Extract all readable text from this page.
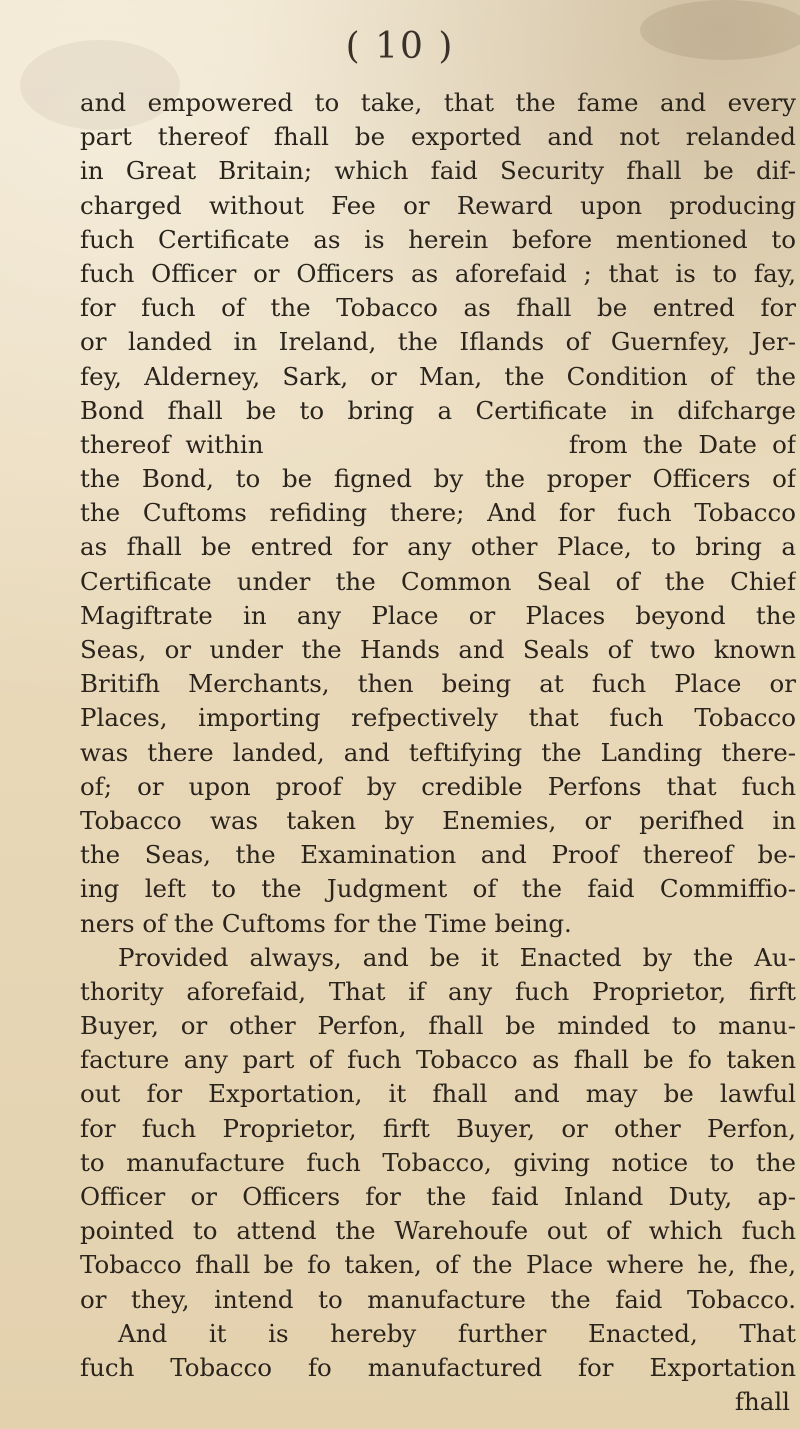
( 10 )
and empowered to take, that the fame and every
part thereof fhall be exported and not relanded
in Great Britain; which faid Security fhall be dif-
charged without Fee or Reward upon producing
fuch Certificate as is herein before mentioned to
fuch Officer or Officers as aforefaid ; that is to fay,
for fuch of the Tobacco as fhall be entred for
or landed in Ireland, the Iflands of Guernfey, Jer-
fey, Alderney, Sark, or Man, the Condition of the
Bond fhall be to bring a Certificate in difcharge
thereof within                    from the Date of
the Bond, to be figned by the proper Officers of
the Cuftoms refiding there; And for fuch Tobacco
as fhall be entred for any other Place, to bring a
Certificate under the Common Seal of the Chief
Magiftrate in any Place or Places beyond the
Seas, or under the Hands and Seals of two known
Britifh Merchants, then being at fuch Place or
Places, importing refpectively that fuch Tobacco
was there landed, and teftifying the Landing there-
of; or upon proof by credible Perfons that fuch
Tobacco was taken by Enemies, or perifhed in
the Seas, the Examination and Proof thereof be-
ing left to the Judgment of the faid Commiffio-
ners of the Cuftoms for the Time being.
Provided always, and be it Enacted by the Au-
thority aforefaid, That if any fuch Proprietor, firft
Buyer, or other Perfon, fhall be minded to manu-
facture any part of fuch Tobacco as fhall be fo taken
out for Exportation, it fhall and may be lawful
for fuch Proprietor, firft Buyer, or other Perfon,
to manufacture fuch Tobacco, giving notice to the
Officer or Officers for the faid Inland Duty, ap-
pointed to attend the Warehoufe out of which fuch
Tobacco fhall be fo taken, of the Place where he, fhe,
or they, intend to manufacture the faid Tobacco.
And it is hereby further Enacted, That
fuch Tobacco fo manufactured for Exportation
fhall
